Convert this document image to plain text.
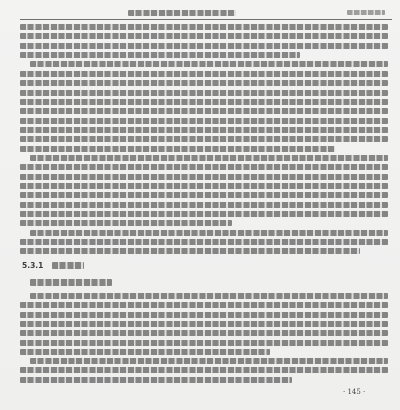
5.3.1
· 145 ·
